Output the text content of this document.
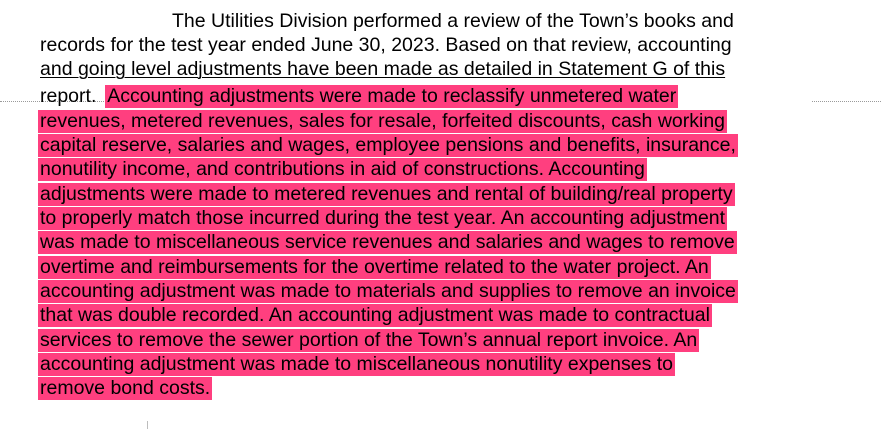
The Utilities Division performed a review of the Town’s books and
records for the test year ended June 30, 2023. Based on that review, accounting
and going level adjustments have been made as detailed in Statement G of this
report. Accounting adjustments were made to reclassify unmetered water
revenues, metered revenues, sales for resale, forfeited discounts, cash working
capital reserve, salaries and wages, employee pensions and benefits, insurance,
nonutility income, and contributions in aid of constructions. Accounting
adjustments were made to metered revenues and rental of building/real property
to properly match those incurred during the test year. An accounting adjustment
was made to miscellaneous service revenues and salaries and wages to remove
overtime and reimbursements for the overtime related to the water project. An
accounting adjustment was made to materials and supplies to remove an invoice
that was double recorded. An accounting adjustment was made to contractual
services to remove the sewer portion of the Town’s annual report invoice. An
accounting adjustment was made to miscellaneous nonutility expenses to
remove bond costs.
